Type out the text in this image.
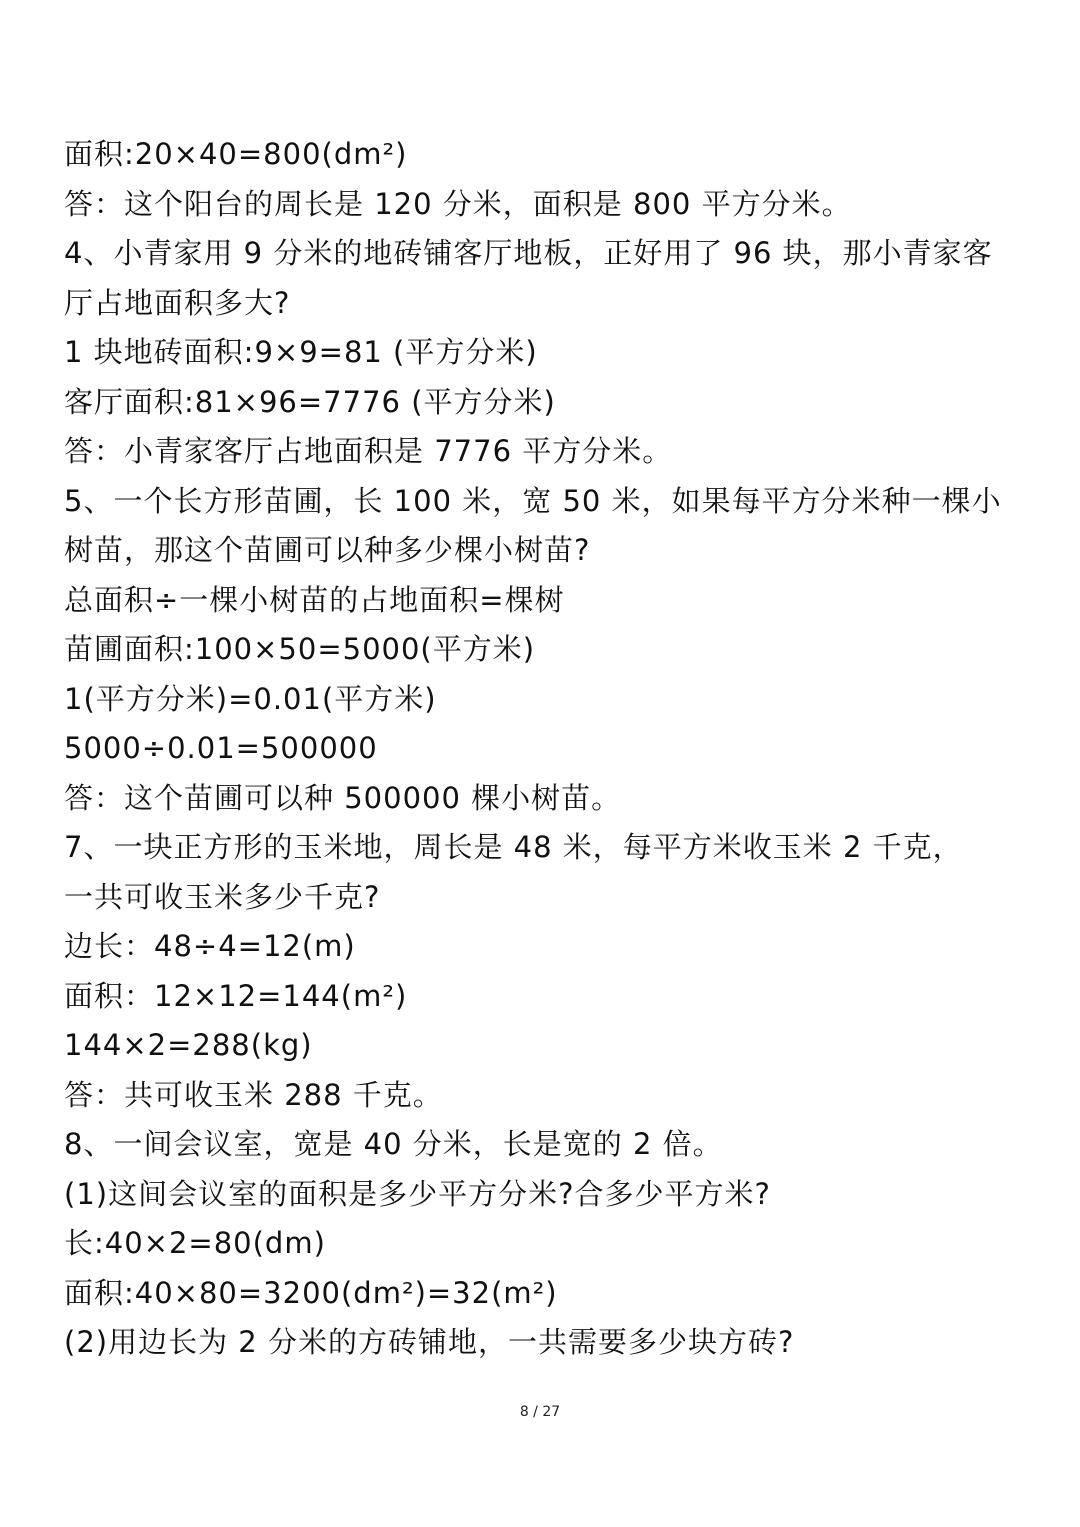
面积:20×40=800(dm²)
答：这个阳台的周长是 120 分米，面积是 800 平方分米。
4、小青家用 9 分米的地砖铺客厅地板，正好用了 96 块，那小青家客
厅占地面积多大?
1 块地砖面积:9×9=81 (平方分米)
客厅面积:81×96=7776 (平方分米)
答：小青家客厅占地面积是 7776 平方分米。
5、一个长方形苗圃，长 100 米，宽 50 米，如果每平方分米种一棵小
树苗，那这个苗圃可以种多少棵小树苗?
总面积÷一棵小树苗的占地面积=棵树
苗圃面积:100×50=5000(平方米)
1(平方分米)=0.01(平方米)
5000÷0.01=500000
答：这个苗圃可以种 500000 棵小树苗。
7、一块正方形的玉米地，周长是 48 米，每平方米收玉米 2 千克，
一共可收玉米多少千克?
边长：48÷4=12(m)
面积：12×12=144(m²)
144×2=288(kg)
答：共可收玉米 288 千克。
8、一间会议室，宽是 40 分米，长是宽的 2 倍。
(1)这间会议室的面积是多少平方分米?合多少平方米?
长:40×2=80(dm)
面积:40×80=3200(dm²)=32(m²)
(2)用边长为 2 分米的方砖铺地，一共需要多少块方砖?
8 / 27
